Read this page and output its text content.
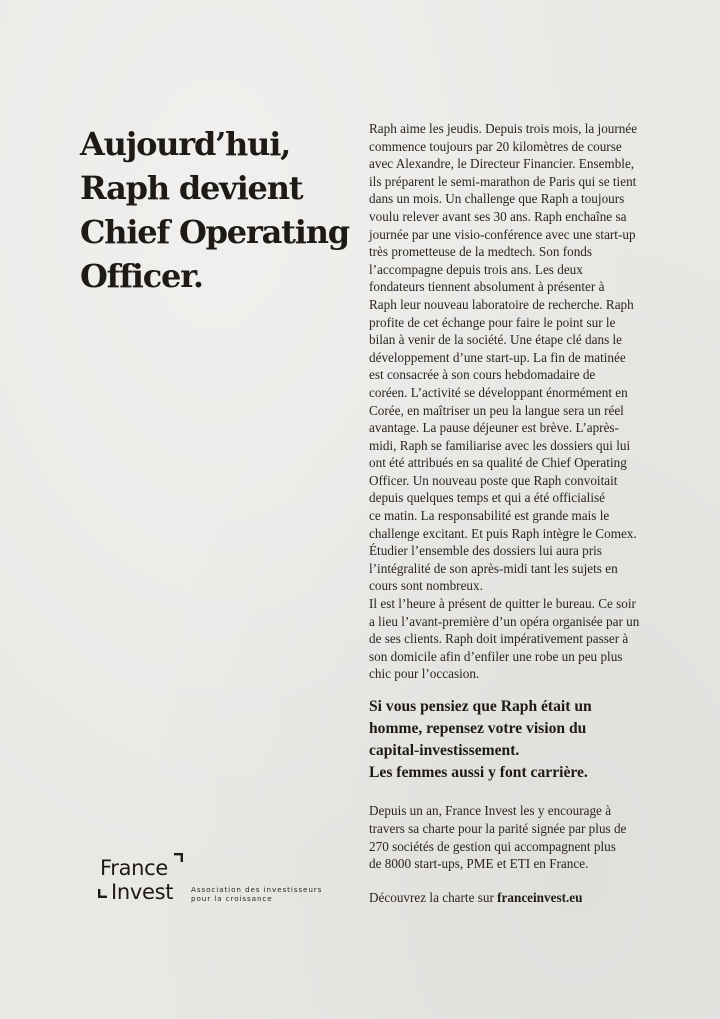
Aujourd’hui,
Raph devient
Chief Operating
Officer.

Raph aime les jeudis. Depuis trois mois, la journée
commence toujours par 20 kilomètres de course
avec Alexandre, le Directeur Financier. Ensemble,
ils préparent le semi-marathon de Paris qui se tient
dans un mois. Un challenge que Raph a toujours
voulu relever avant ses 30 ans. Raph enchaîne sa
journée par une visio-conférence avec une start-up
très prometteuse de la medtech. Son fonds
l’accompagne depuis trois ans. Les deux
fondateurs tiennent absolument à présenter à
Raph leur nouveau laboratoire de recherche. Raph
profite de cet échange pour faire le point sur le
bilan à venir de la société. Une étape clé dans le
développement d’une start-up. La fin de matinée
est consacrée à son cours hebdomadaire de
coréen. L’activité se développant énormément en
Corée, en maîtriser un peu la langue sera un réel
avantage. La pause déjeuner est brève. L’après-
midi, Raph se familiarise avec les dossiers qui lui
ont été attribués en sa qualité de Chief Operating
Officer. Un nouveau poste que Raph convoitait
depuis quelques temps et qui a été officialisé
ce matin. La responsabilité est grande mais le
challenge excitant. Et puis Raph intègre le Comex.
Étudier l’ensemble des dossiers lui aura pris
l’intégralité de son après-midi tant les sujets en
cours sont nombreux.

Il est l’heure à présent de quitter le bureau. Ce soir
a lieu l’avant-première d’un opéra organisée par un
de ses clients. Raph doit impérativement passer à
son domicile afin d’enfiler une robe un peu plus
chic pour l’occasion.

Si vous pensiez que Raph était un
homme, repensez votre vision du
capital-investissement.
Les femmes aussi y font carrière.

Depuis un an, France Invest les y encourage à
travers sa charte pour la parité signée par plus de
270 sociétés de gestion qui accompagnent plus
de 8000 start-ups, PME et ETI en France.

Découvrez la charte sur franceinvest.eu
France
Invest Association des investisseurs
pour la croissance
